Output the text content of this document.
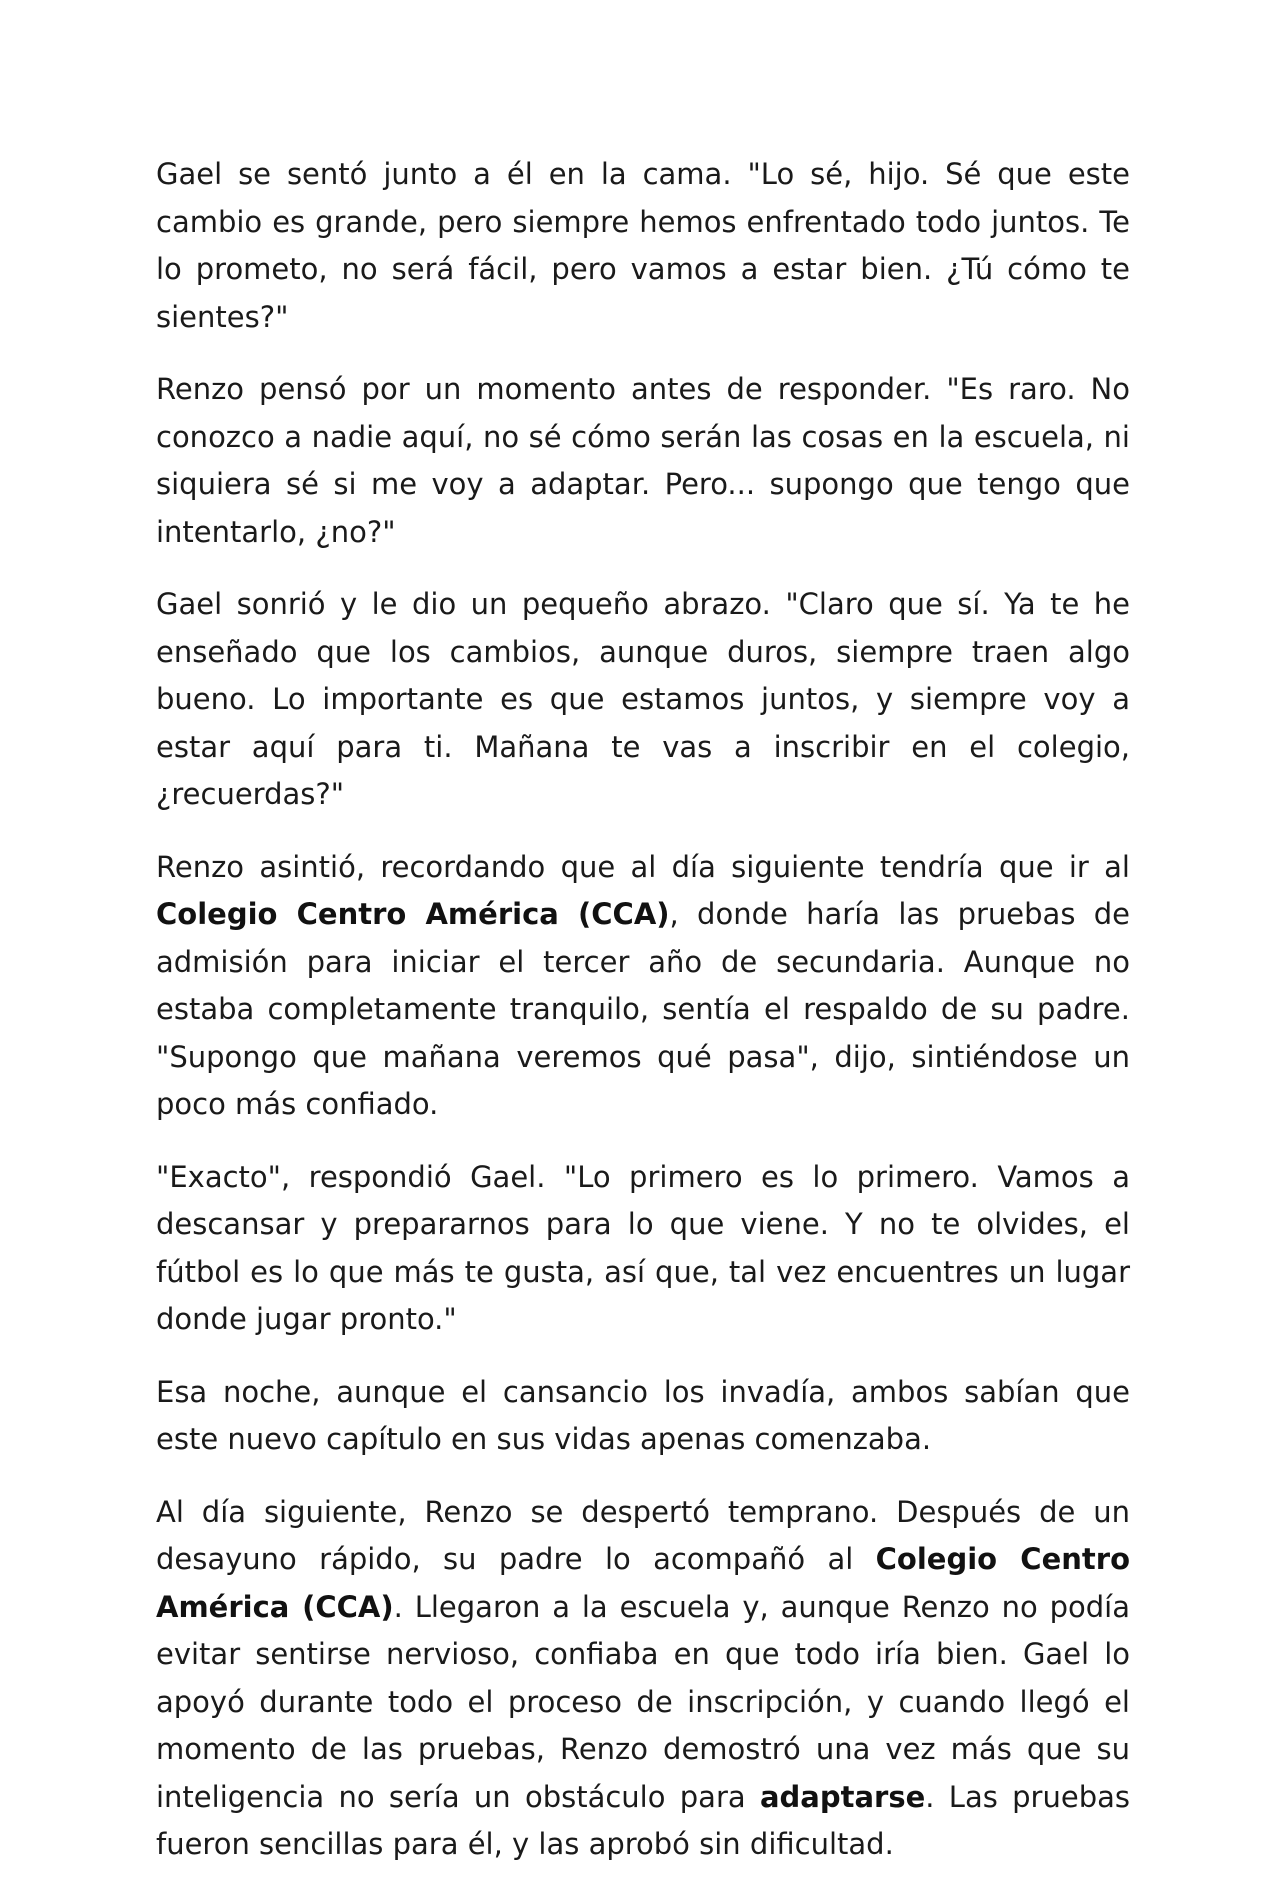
Gael se sentó junto a él en la cama. "Lo sé, hijo. Sé que este cambio es grande, pero siempre hemos enfrentado todo juntos. Te lo prometo, no será fácil, pero vamos a estar bien. ¿Tú cómo te sientes?"

Renzo pensó por un momento antes de responder. "Es raro. No conozco a nadie aquí, no sé cómo serán las cosas en la escuela, ni siquiera sé si me voy a adaptar. Pero... supongo que tengo que intentarlo, ¿no?"

Gael sonrió y le dio un pequeño abrazo. "Claro que sí. Ya te he enseñado que los cambios, aunque duros, siempre traen algo bueno. Lo importante es que estamos juntos, y siempre voy a estar aquí para ti. Mañana te vas a inscribir en el colegio, ¿recuerdas?"

Renzo asintió, recordando que al día siguiente tendría que ir al Colegio Centro América (CCA), donde haría las pruebas de admisión para iniciar el tercer año de secundaria. Aunque no estaba completamente tranquilo, sentía el respaldo de su padre. "Supongo que mañana veremos qué pasa", dijo, sintiéndose un poco más confiado.

"Exacto", respondió Gael. "Lo primero es lo primero. Vamos a descansar y prepararnos para lo que viene. Y no te olvides, el fútbol es lo que más te gusta, así que, tal vez encuentres un lugar donde jugar pronto."

Esa noche, aunque el cansancio los invadía, ambos sabían que este nuevo capítulo en sus vidas apenas comenzaba.

Al día siguiente, Renzo se despertó temprano. Después de un desayuno rápido, su padre lo acompañó al Colegio Centro América (CCA). Llegaron a la escuela y, aunque Renzo no podía evitar sentirse nervioso, confiaba en que todo iría bien. Gael lo apoyó durante todo el proceso de inscripción, y cuando llegó el momento de las pruebas, Renzo demostró una vez más que su inteligencia no sería un obstáculo para adaptarse. Las pruebas fueron sencillas para él, y las aprobó sin dificultad.
